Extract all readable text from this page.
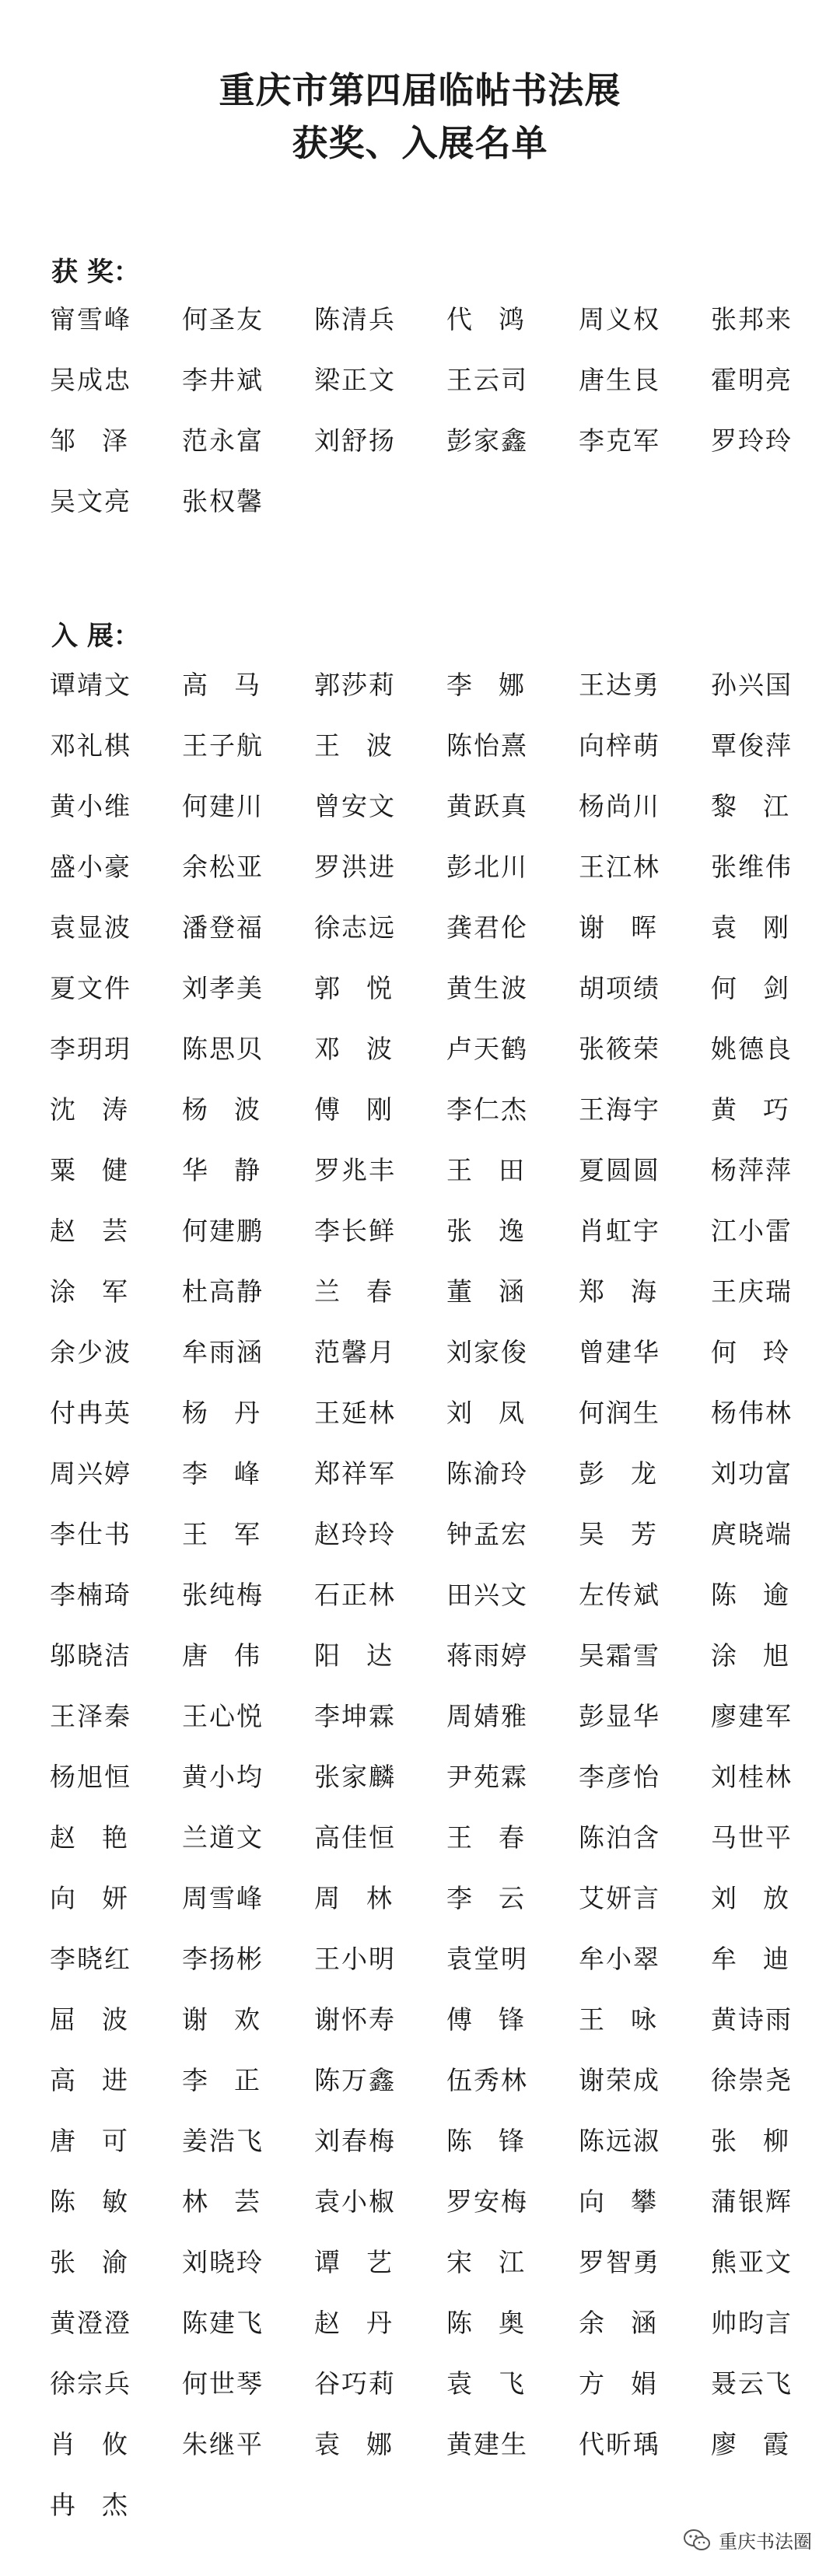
重庆市第四届临帖书法展
获奖、入展名单
获 奖：
甯雪峰	何圣友	陈清兵	代鸿	周义权	张邦来
吴成忠	李井斌	梁正文	王云司	唐生艮	霍明亮
邹泽	范永富	刘舒扬	彭家鑫	李克军	罗玲玲
吴文亮	张权馨
入 展：
谭靖文	高马	郭莎莉	李娜	王达勇	孙兴国
邓礼棋	王子航	王波	陈怡熹	向梓萌	覃俊萍
黄小维	何建川	曾安文	黄跃真	杨尚川	黎江
盛小豪	余松亚	罗洪进	彭北川	王江林	张维伟
袁显波	潘登福	徐志远	龚君伦	谢晖	袁刚
夏文件	刘孝美	郭悦	黄生波	胡项绩	何剑
李玥玥	陈思贝	邓波	卢天鹤	张筱荣	姚德良
沈涛	杨波	傅刚	李仁杰	王海宇	黄巧
粟健	华静	罗兆丰	王田	夏圆圆	杨萍萍
赵芸	何建鹏	李长鲜	张逸	肖虹宇	江小雷
涂军	杜高静	兰春	董涵	郑海	王庆瑞
余少波	牟雨涵	范馨月	刘家俊	曾建华	何玲
付冉英	杨丹	王延林	刘凤	何润生	杨伟林
周兴婷	李峰	郑祥军	陈渝玲	彭龙	刘功富
李仕书	王军	赵玲玲	钟孟宏	吴芳	庹晓端
李楠琦	张纯梅	石正林	田兴文	左传斌	陈逾
邬晓洁	唐伟	阳达	蒋雨婷	吴霜雪	涂旭
王泽秦	王心悦	李坤霖	周婧雅	彭显华	廖建军
杨旭恒	黄小均	张家麟	尹苑霖	李彦怡	刘桂林
赵艳	兰道文	高佳恒	王春	陈泊含	马世平
向妍	周雪峰	周林	李云	艾妍言	刘放
李晓红	李扬彬	王小明	袁堂明	牟小翠	牟迪
屈波	谢欢	谢怀寿	傅锋	王咏	黄诗雨
高进	李正	陈万鑫	伍秀林	谢荣成	徐崇尧
唐可	姜浩飞	刘春梅	陈锋	陈远淑	张柳
陈敏	林芸	袁小椒	罗安梅	向攀	蒲银辉
张渝	刘晓玲	谭艺	宋江	罗智勇	熊亚文
黄澄澄	陈建飞	赵丹	陈奥	余涵	帅昀言
徐宗兵	何世琴	谷巧莉	袁飞	方娟	聂云飞
肖攸	朱继平	袁娜	黄建生	代昕瑀	廖霞
冉杰
重庆书法圈
